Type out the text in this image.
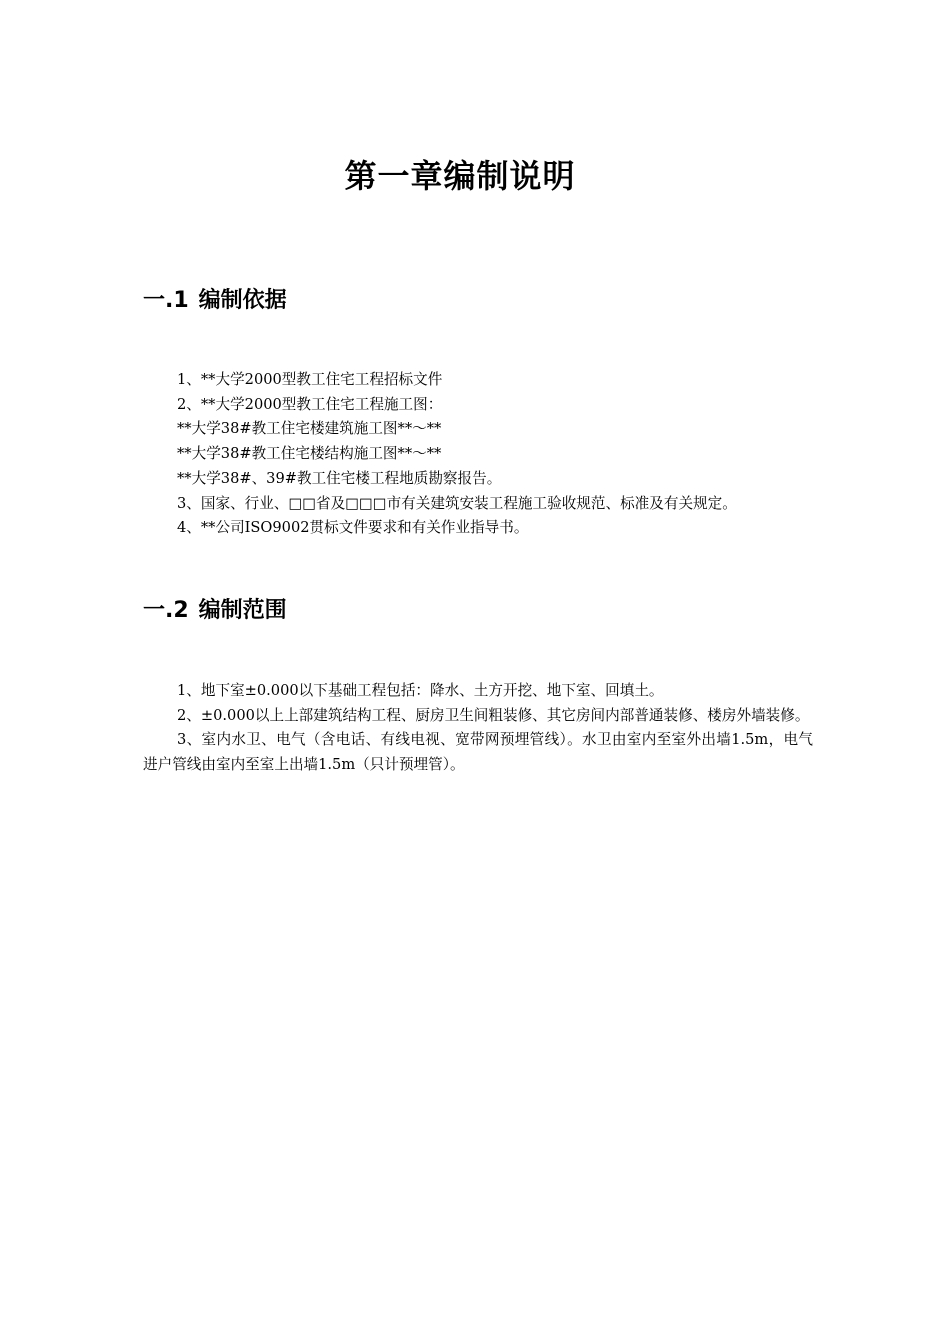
第一章编制说明
一.1 编制依据
1、**大学2000型教工住宅工程招标文件
2、**大学2000型教工住宅工程施工图：
**大学38#教工住宅楼建筑施工图**～**
**大学38#教工住宅楼结构施工图**～**
**大学38#、39#教工住宅楼工程地质勘察报告。
3、国家、行业、□□省及□□□市有关建筑安装工程施工验收规范、标准及有关规定。
4、**公司ISO9002贯标文件要求和有关作业指导书。
一.2 编制范围
1、地下室±0.000以下基础工程包括：降水、土方开挖、地下室、回填土。
2、±0.000以上上部建筑结构工程、厨房卫生间粗装修、其它房间内部普通装修、楼房外墙装修。
3、室内水卫、电气（含电话、有线电视、宽带网预埋管线）。水卫由室内至室外出墙1.5m，电气进户管线由室内至室上出墙1.5m（只计预埋管）。
